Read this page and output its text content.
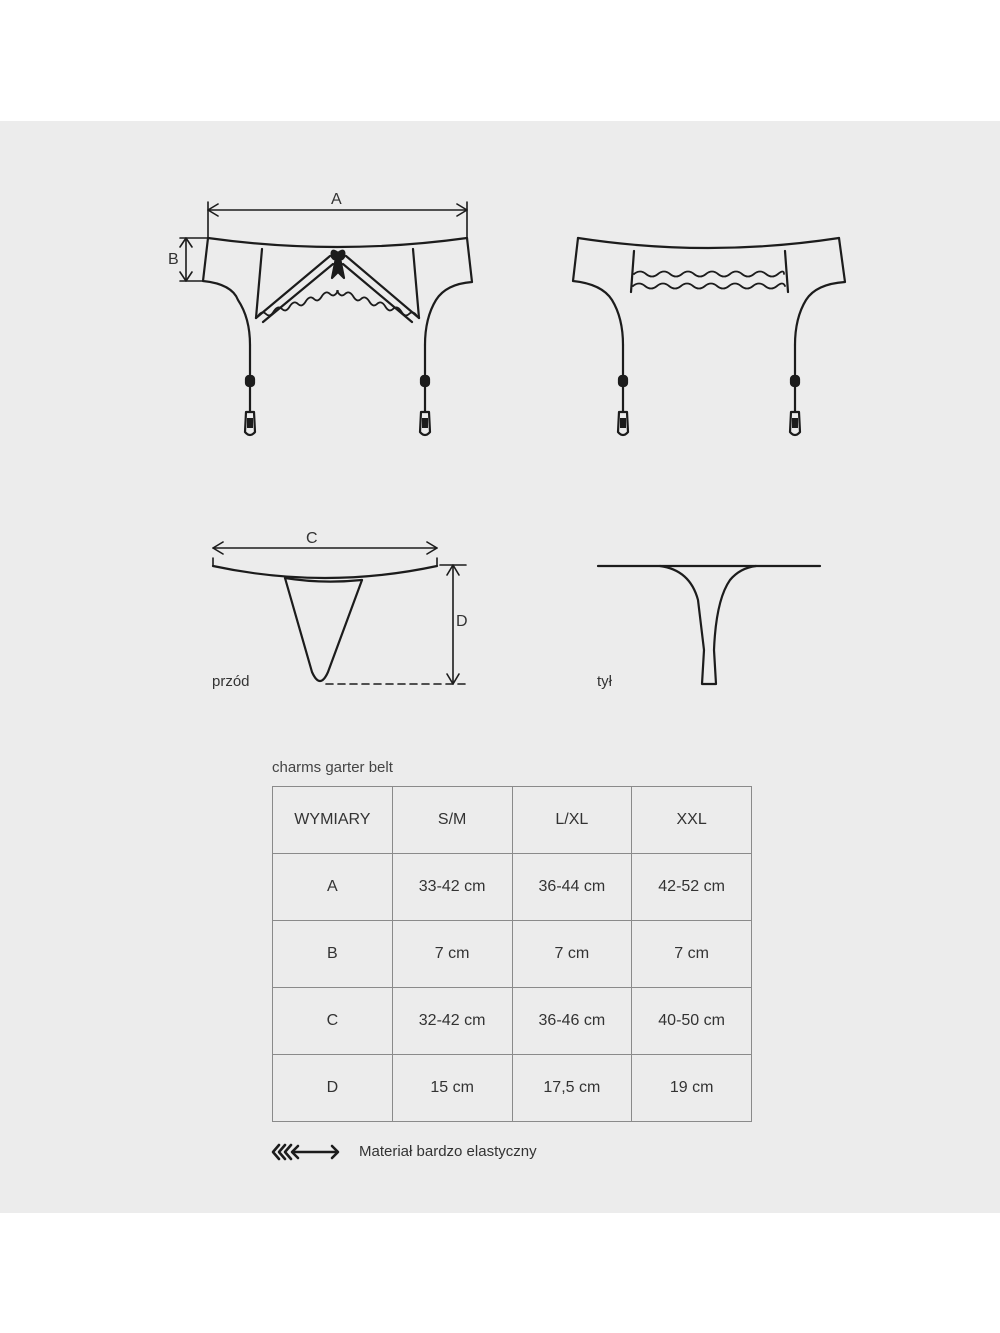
A
B
C
D
przód	tył
charms garter belt
WYMIARY	S/M	L/XL	XXL
A	33-42 cm	36-44 cm	42-52 cm
B	7 cm	7 cm	7 cm
C	32-42 cm	36-46 cm	40-50 cm
D	15 cm	17,5 cm	19 cm
Materiał bardzo elastyczny
